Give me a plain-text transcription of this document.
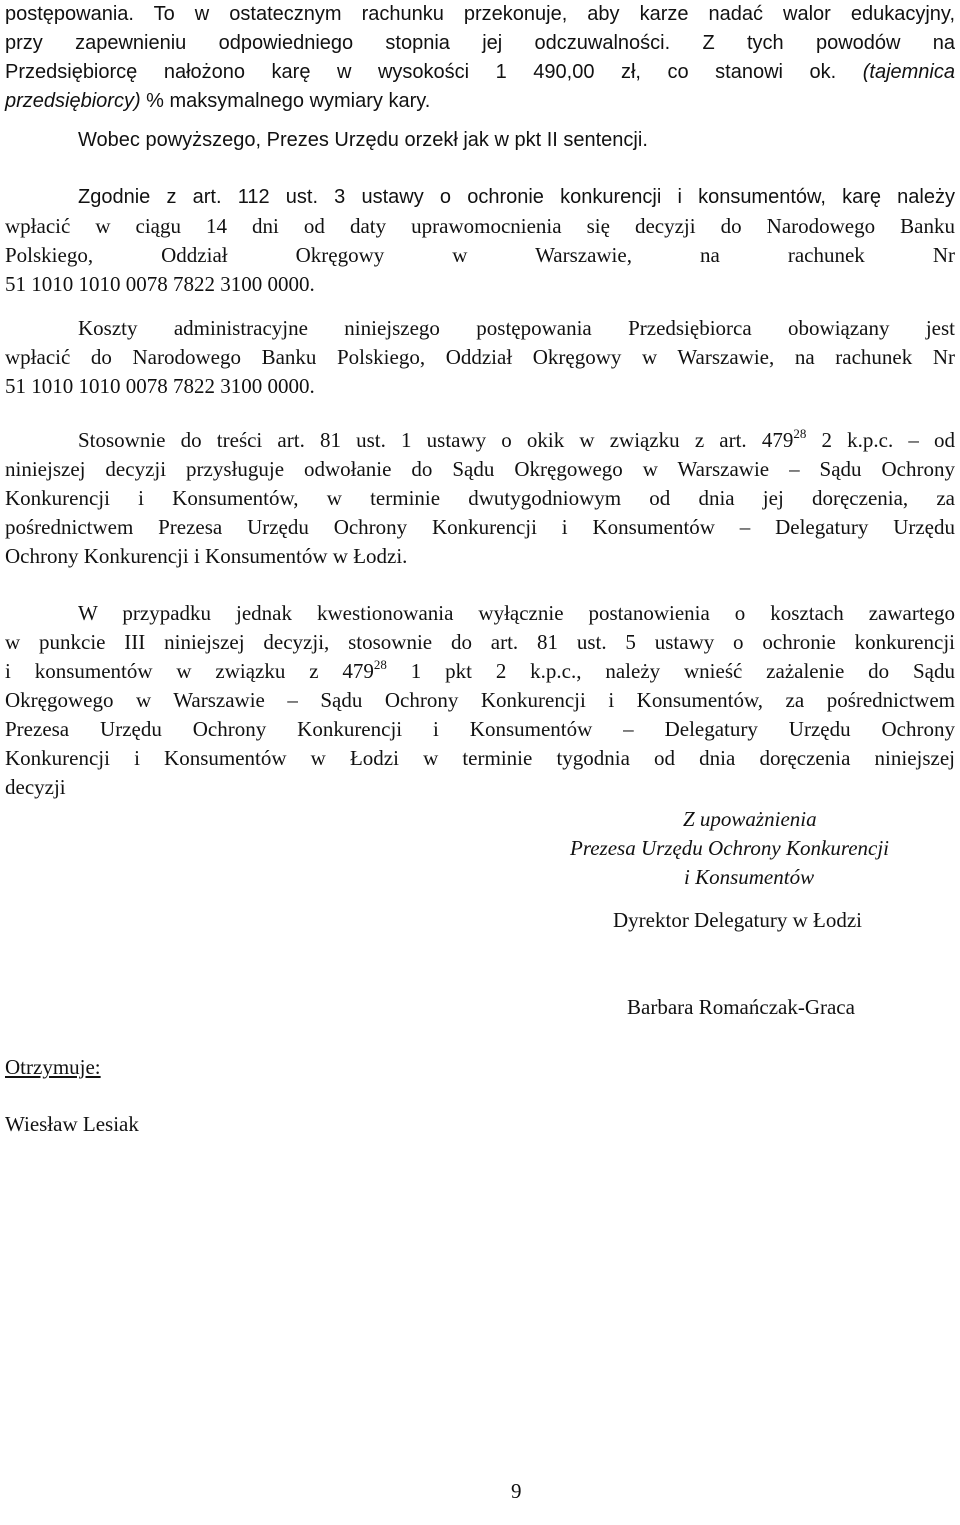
postępowania. To w ostatecznym rachunku przekonuje, aby karze nadać walor edukacyjny,
przy zapewnieniu odpowiedniego stopnia jej odczuwalności. Z tych powodów na
Przedsiębiorcę nałożono karę w wysokości 1 490,00 zł, co stanowi ok. (tajemnica
przedsiębiorcy) % maksymalnego wymiary kary.
Wobec powyższego, Prezes Urzędu orzekł jak w pkt II sentencji.
Zgodnie z art. 112 ust. 3 ustawy o ochronie konkurencji i konsumentów, karę należy
wpłacić w ciągu 14 dni od daty uprawomocnienia się decyzji do Narodowego Banku
Polskiego, Oddział Okręgowy w Warszawie, na rachunek Nr
51 1010 1010 0078 7822 3100 0000.
Koszty administracyjne niniejszego postępowania Przedsiębiorca obowiązany jest
wpłacić do Narodowego Banku Polskiego, Oddział Okręgowy w Warszawie, na rachunek Nr
51 1010 1010 0078 7822 3100 0000.
Stosownie do treści art. 81 ust. 1 ustawy o okik w związku z art. $479^{28}$ 2 k.p.c. – od
niniejszej decyzji przysługuje odwołanie do Sądu Okręgowego w Warszawie – Sądu Ochrony
Konkurencji i Konsumentów, w terminie dwutygodniowym od dnia jej doręczenia, za
pośrednictwem Prezesa Urzędu Ochrony Konkurencji i Konsumentów – Delegatury Urzędu
Ochrony Konkurencji i Konsumentów w Łodzi.
W przypadku jednak kwestionowania wyłącznie postanowienia o kosztach zawartego
w punkcie III niniejszej decyzji, stosownie do art. 81 ust. 5 ustawy o ochronie konkurencji
i konsumentów w związku z $479^{28}$ 1 pkt 2 k.p.c., należy wnieść zażalenie do Sądu
Okręgowego w Warszawie – Sądu Ochrony Konkurencji i Konsumentów, za pośrednictwem
Prezesa Urzędu Ochrony Konkurencji i Konsumentów – Delegatury Urzędu Ochrony
Konkurencji i Konsumentów w Łodzi w terminie tygodnia od dnia doręczenia niniejszej
decyzji
Z upoważnienia
Prezesa Urzędu Ochrony Konkurencji
i Konsumentów
Dyrektor Delegatury w Łodzi
Barbara Romańczak-Graca
Otrzymuje:
Wiesław Lesiak
9
